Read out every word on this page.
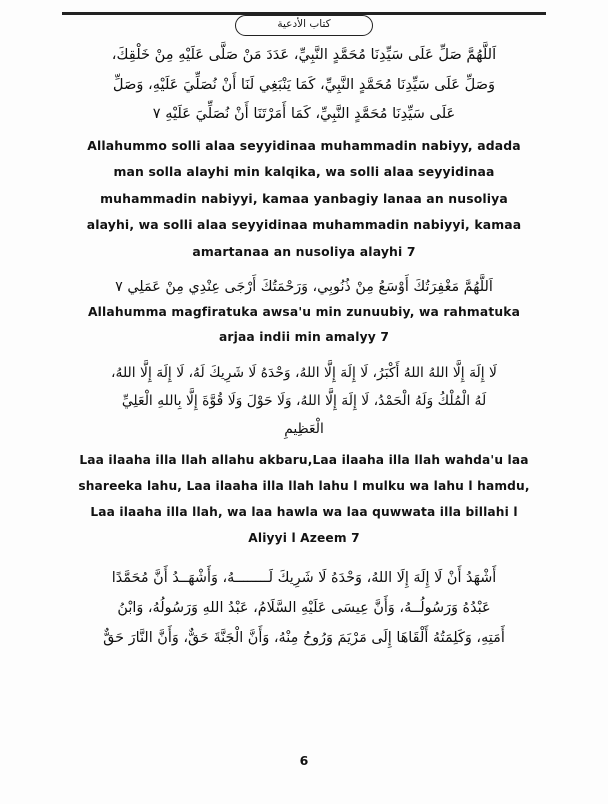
كتاب الأدعية
اَللَّهُمَّ صَلِّ عَلَى سَيِّدِنَا مُحَمَّدٍ النَّبِيِّ، عَدَدَ مَنْ صَلَّى عَلَيْهِ مِنْ خَلْقِكَ،
وَصَلِّ عَلَى سَيِّدِنَا مُحَمَّدٍ النَّبِيِّ، كَمَا يَنْبَغِي لَنَا أَنْ نُصَلِّيَ عَلَيْهِ، وَصَلِّ
عَلَى سَيِّدِنَا مُحَمَّدٍ النَّبِيِّ، كَمَا أَمَرْتَنَا أَنْ نُصَلِّيَ عَلَيْهِ ٧
Allahummo solli alaa seyyidinaa muhammadin nabiyy, adada
man solla alayhi min kalqika, wa solli alaa seyyidinaa
muhammadin nabiyyi, kamaa yanbagiy lanaa an nusoliya
alayhi, wa solli alaa seyyidinaa muhammadin nabiyyi, kamaa
amartanaa an nusoliya alayhi 7
اَللَّهُمَّ مَغْفِرَتُكَ أَوْسَعُ مِنْ ذُنُوبِي، وَرَحْمَتُكَ أَرْجَى عِنْدِي مِنْ عَمَلِي ٧
Allahumma magfiratuka awsa'u min zunuubiy, wa rahmatuka
arjaa indii min amalyy 7
لَا إِلَهَ إِلَّا اللهُ اللهُ أَكْبَرُ، لَا إِلَهَ إِلَّا اللهُ، وَحْدَهُ لَا شَرِيكَ لَهُ، لَا إِلَهَ إِلَّا اللهُ،
لَهُ الْمُلْكُ وَلَهُ الْحَمْدُ، لَا إِلَهَ إِلَّا اللهُ، وَلَا حَوْلَ وَلَا قُوَّةَ إِلَّا بِاللهِ الْعَلِيِّ
الْعَظِيمِ
Laa ilaaha illa llah allahu akbaru,Laa ilaaha illa llah wahda'u laa
shareeka lahu, Laa ilaaha illa llah lahu l mulku wa lahu l hamdu,
Laa ilaaha illa llah, wa laa hawla wa laa quwwata illa billahi l
Aliyyi l Azeem 7
أَشْهَدُ أَنْ لَا إِلَهَ إِلَا اللهُ، وَحْدَهُ لَا شَرِيكَ لَــــــــهُ، وَأَشْهَــدُ أَنَّ مُحَمَّدًا
عَبْدُهُ وَرَسُولُــهُ، وَأَنَّ عِيسَى عَلَيْهِ السَّلَامُ، عَبْدُ اللهِ وَرَسُولُهُ، وَابْنُ
أَمَتِهِ، وَكَلِمَتُهُ أَلْقَاهَا إِلَى مَرْيَمَ وَرُوحُ مِنْهُ، وَأَنَّ الْجَنَّةَ حَقٌّ، وَأَنَّ النَّارَ حَقٌّ
6
